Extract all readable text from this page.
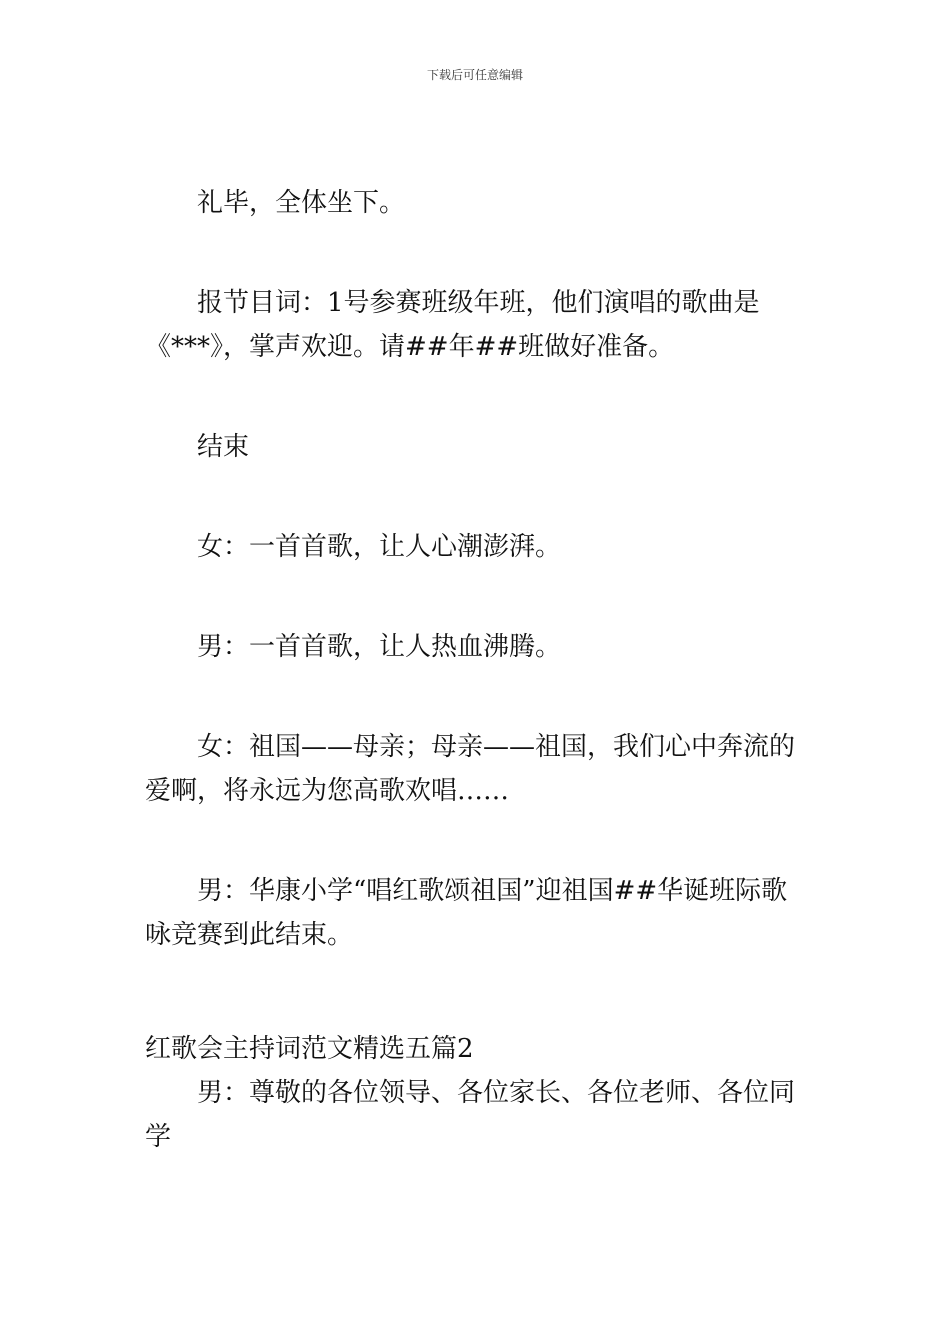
下载后可任意编辑

礼毕，全体坐下。

报节目词：1号参赛班级年班，他们演唱的歌曲是《***》，掌声欢迎。请##年##班做好准备。

结束

女：一首首歌，让人心潮澎湃。

男：一首首歌，让人热血沸腾。

女：祖国——母亲；母亲——祖国，我们心中奔流的爱啊，将永远为您高歌欢唱……

男：华康小学“唱红歌颂祖国”迎祖国##华诞班际歌咏竞赛到此结束。

红歌会主持词范文精选五篇2

男：尊敬的各位领导、各位家长、各位老师、各位同学
